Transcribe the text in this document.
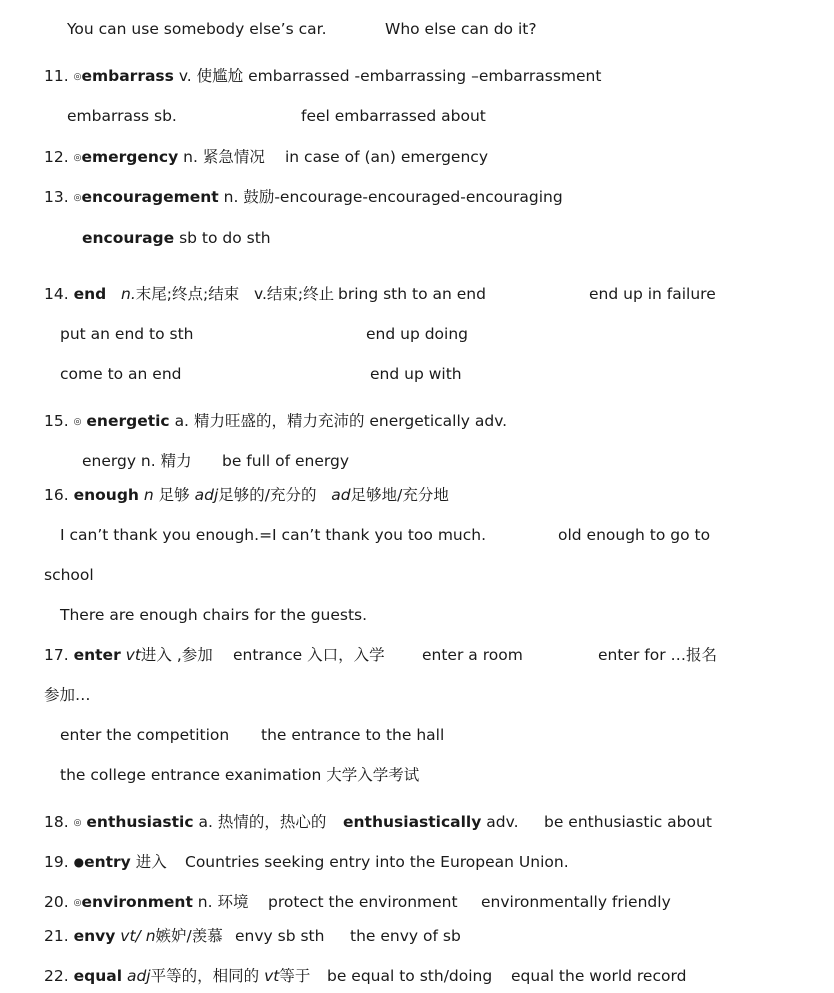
You can use somebody else’s car.	Who else can do it?
11. ◎embarrass v. 使尴尬 embarrassed -embarrassing –embarrassment
embarrass sb.	feel embarrassed about
12. ◎emergency n. 紧急情况 in case of (an) emergency
13. ◎encouragement n. 鼓励-encourage-encouraged-encouraging
encourage sb to do sth
14. end n.末尾;终点;结束 v.结束;终止 bring sth to an end	end up in failure
put an end to sth	end up doing
come to an end	end up with
15. ◎ energetic a. 精力旺盛的，精力充沛的 energetically adv.
energy n. 精力 be full of energy
16. enough n 足够 adj足够的/充分的 ad足够地/充分地
I can’t thank you enough.=I can’t thank you too much.	old enough to go to
school
There are enough chairs for the guests.
17. enter vt进入 ,参加 entrance 入口，入学 enter a room	enter for …报名
参加…
enter the competition the entrance to the hall
the college entrance exanimation 大学入学考试
18. ◎ enthusiastic a. 热情的，热心的 enthusiastically adv. be enthusiastic about
19. ●entry 进入 Countries seeking entry into the European Union.
20. ◎environment n. 环境 protect the environment environmentally friendly
21. envy vt/ n嫉妒/羡慕 envy sb sth the envy of sb
22. equal adj平等的，相同的 vt等于 be equal to sth/doing equal the world record
